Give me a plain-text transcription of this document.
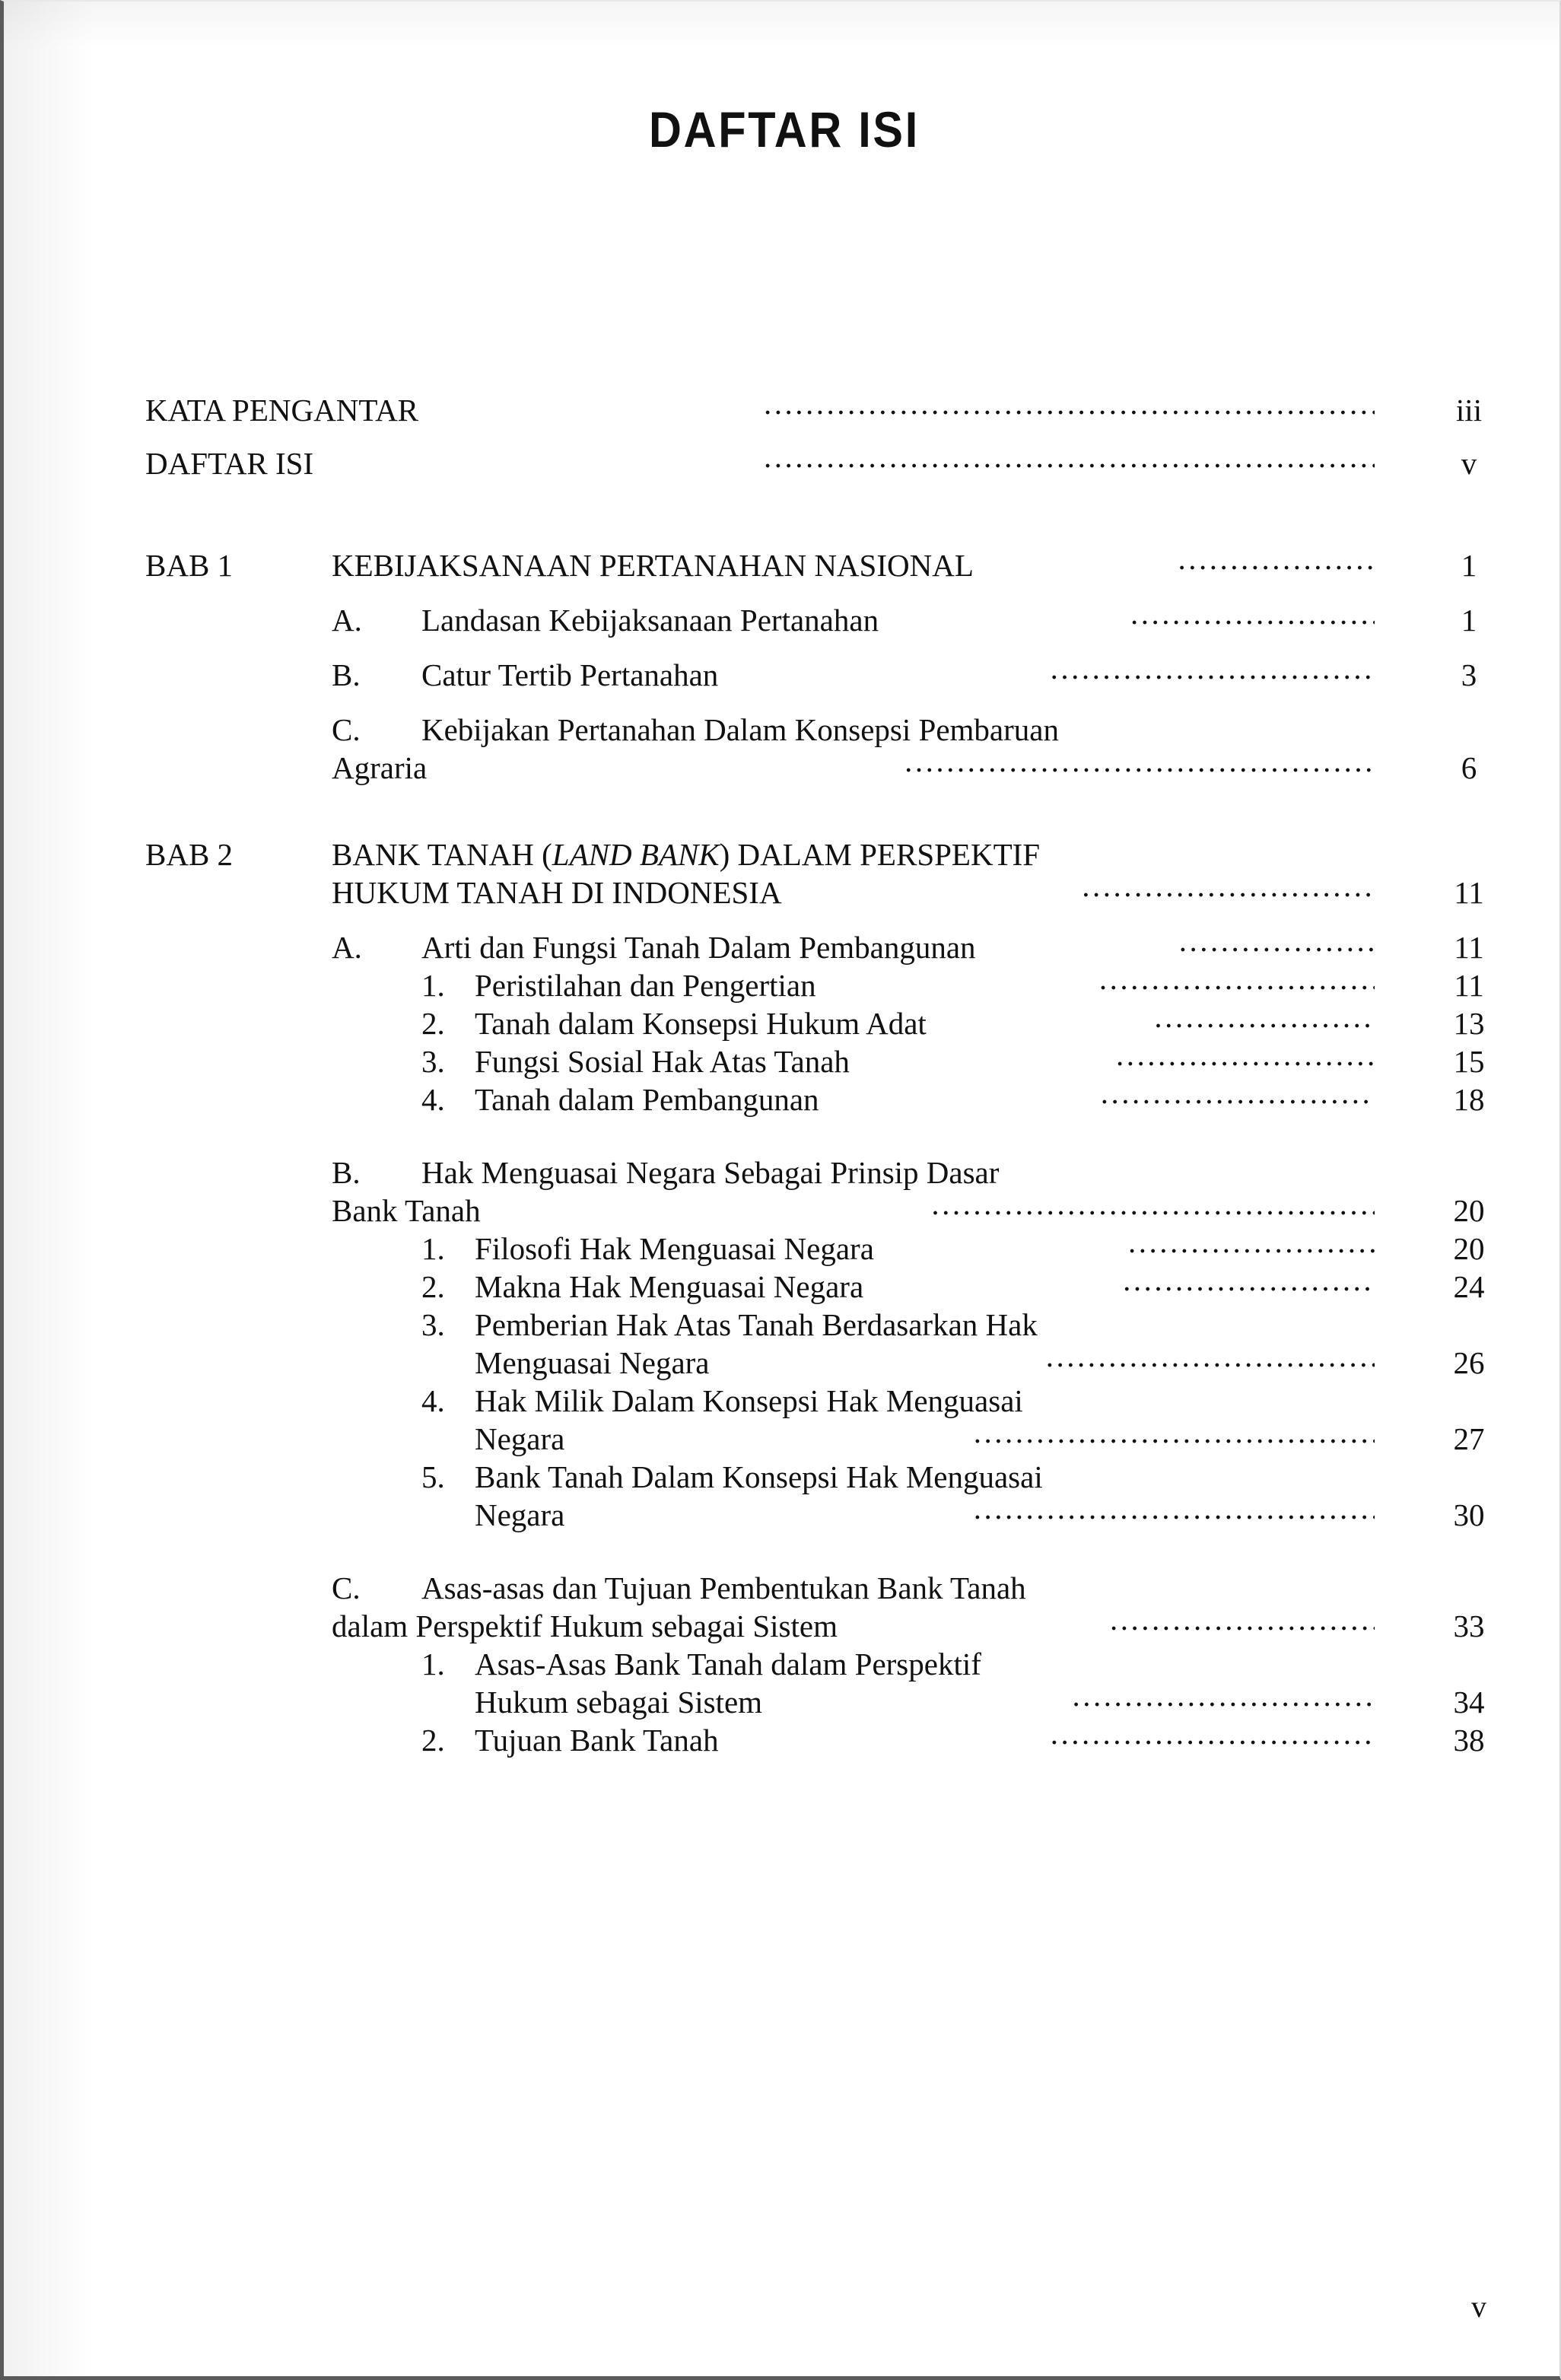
DAFTAR ISI
KATA PENGANTAR .....	iii
DAFTAR ISI .....	v
BAB 1	KEBIJAKSANAAN PERTANAHAN NASIONAL .....	1
A.	Landasan Kebijaksanaan Pertanahan .....	1
B.	Catur Tertib Pertanahan .....	3
C.	Kebijakan Pertanahan Dalam Konsepsi Pembaruan
Agraria .....	6
BAB 2	BANK TANAH (LAND BANK) DALAM PERSPEKTIF
HUKUM TANAH DI INDONESIA .....	11
A.	Arti dan Fungsi Tanah Dalam Pembangunan .....	11
1. Peristilahan dan Pengertian .....	11
2. Tanah dalam Konsepsi Hukum Adat .....	13
3. Fungsi Sosial Hak Atas Tanah .....	15
4. Tanah dalam Pembangunan .....	18
B.	Hak Menguasai Negara Sebagai Prinsip Dasar
Bank Tanah .....	20
1. Filosofi Hak Menguasai Negara .....	20
2. Makna Hak Menguasai Negara .....	24
3. Pemberian Hak Atas Tanah Berdasarkan Hak
Menguasai Negara .....	26
4. Hak Milik Dalam Konsepsi Hak Menguasai
Negara .....	27
5. Bank Tanah Dalam Konsepsi Hak Menguasai
Negara .....	30
C.	Asas-asas dan Tujuan Pembentukan Bank Tanah
dalam Perspektif Hukum sebagai Sistem .....	33
1. Asas-Asas Bank Tanah dalam Perspektif
Hukum sebagai Sistem .....	34
2. Tujuan Bank Tanah .....	38
v
